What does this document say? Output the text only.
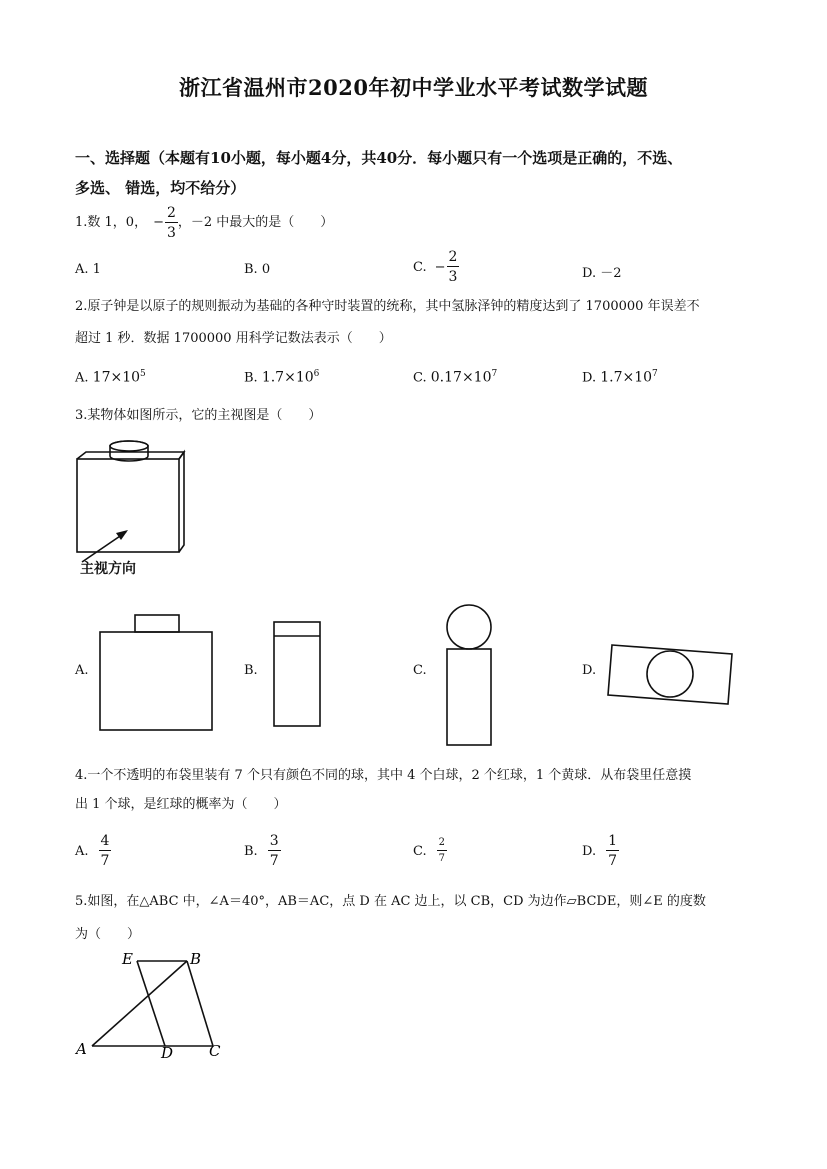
浙江省温州市2020年初中学业水平考试数学试题
一、选择题（本题有10小题，每小题4分，共40分．每小题只有一个选项是正确的，不选、
多选、 错选，均不给分）
1.数 1，0， − $\frac{2}{3}$ ，－2 中最大的是（　　）
A. 1	B. 0	C. − $\frac{2}{3}$	D. －2
2.原子钟是以原子的规则振动为基础的各种守时装置的统称，其中氢脉泽钟的精度达到了 1700000 年误差不
超过 1 秒．数据 1700000 用科学记数法表示（　　）
A. $17\times 10^5$	B. $1.7\times 10^6$	C. $0.17\times 10^7$	D. $1.7\times 10^7$
3.某物体如图所示，它的主视图是（　　）
主视方向
A.	B.	C.	D.
4.一个不透明的布袋里装有 7 个只有颜色不同的球，其中 4 个白球，2 个红球，1 个黄球．从布袋里任意摸
出 1 个球，是红球的概率为（　　）
A. $\frac{4}{7}$	B. $\frac{3}{7}$	C. $\frac{2}{7}$	D. $\frac{1}{7}$
5.如图，在△ABC 中，∠A＝40°，AB＝AC，点 D 在 AC 边上，以 CB，CD 为边作▱BCDE，则∠E 的度数
为（　　）
E	B
A	D C
